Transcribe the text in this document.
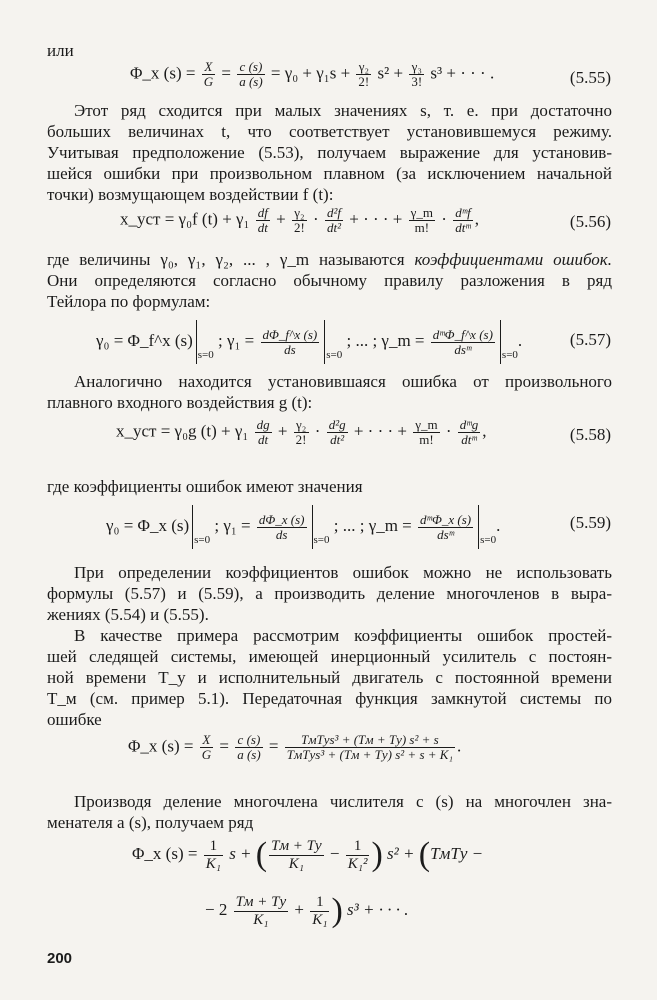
или
Φ_x $(s) = \frac{X}{G} = \frac{c (s)}{a (s)} = \gamma_0 + \gamma_1s + \frac{\text{γ₂}}{2!} s^2 + \frac{\text{γ₃}}{3!} s^3$ + · · · .	(5.55)
Этот ряд сходится при малых значениях s, т. е. при достаточно
больших величинах t, что соответствует установившемуся режиму.
Учитывая предположение (5.53), получаем выражение для установив-
шейся ошибки при произвольном плавном (за исключением начальной
точки) возмущающем воздействии f (t):
x_уст = γ₀f $(t) + \gamma_1 \frac{df}{dt} + \frac{\text{γ₂}}{2!} \cdot \frac{\text{d²f}}{\text{dt²}}$ + · · · + $\frac{\gamma\_m}{m!}$ · dᵐf
dtᵐ ,	(5.56)
где величины γ₀, γ₁, γ₂, ... , γ_m называются коэффициентами ошибок.
Они определяются согласно обычному правилу разложения в ряд
Тейлора по формулам:
γ₀ = Φ_f^x $(s)_{s=0}$ ; $\gamma_1 = \frac{d\Phi\_f\^{}x (s)}{ds} _{s=0}$ ; ... ; γ_m = dᵐΦ_f^x (s)
dsᵐ	$_{s=0}$.	(5.57)
Аналогично находится установившаяся ошибка от произвольного
плавного входного воздействия g (t):
x_уст = γ₀g $(t) + \gamma_1 \frac{dg}{dt} + \frac{\text{γ₂}}{2!} \cdot \frac{\text{d²g}}{\text{dt²}}$ + · · · + $\frac{\gamma\_m}{m!}$ · dᵐg
dtᵐ ,	(5.58)
где коэффициенты ошибок имеют значения
γ₀ = Φ_x $(s)_{s=0}$ ; $\gamma_1 = \frac{d\Phi\_x (s)}{ds} _{s=0}$ ; ... ; γ_m = dᵐΦ_x (s)
dsᵐ	$_{s=0}$.	(5.59)
При определении коэффициентов ошибок можно не использовать
формулы (5.57) и (5.59), а производить деление многочленов в выра-
жениях (5.54) и (5.55).
В качестве примера рассмотрим коэффициенты ошибок простей-
шей следящей системы, имеющей инерционный усилитель с постоян-
ной времени T_у и исполнительный двигатель с постоянной времени
T_м (см. пример 5.1). Передаточная функция замкнутой системы по
ошибке
Φ_x $(s) = \frac{X}{G} = \frac{c (s)}{a (s)}$ =	TмTуs³ + (Tм + Tу) s² + s
TмTуs³ + (Tм + Tу) s² + s + K₁ .
Производя деление многочлена числителя c (s) на многочлен зна-
менателя a (s), получаем ряд
Φ_x $(s) = \frac{1}{\text{K₁}}$ s + ( Tм + Tу
K₁
− $\frac{1}{\text{K₁²}}$ ) s² + (TмTу −
− 2 Tм + Tу
K₁
+ $\frac{1}{\text{K₁}}$ ) s³ + · · · .
200
